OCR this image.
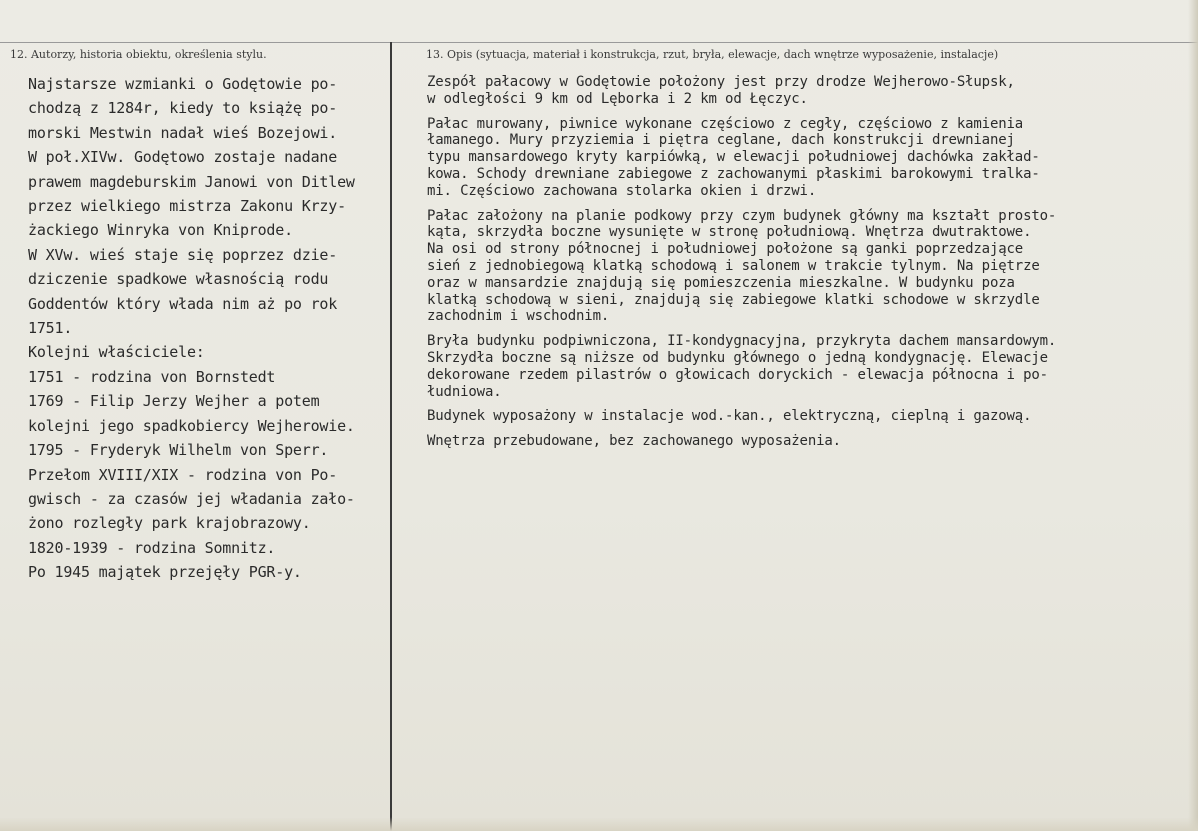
12. Autorzy, historia obiektu, określenia stylu.	13. Opis (sytuacja, materiał i konstrukcja, rzut, bryła, elewacje, dach wnętrze wyposażenie, instalacje)
Najstarsze wzmianki o Godętowie po-
chodzą z 1284r, kiedy to książę po-
morski Mestwin nadał wieś Bozejowi.
W poł.XIVw. Godętowo zostaje nadane
prawem magdeburskim Janowi von Ditlew
przez wielkiego mistrza Zakonu Krzy-
żackiego Winryka von Kniprode.
W XVw. wieś staje się poprzez dzie-
dziczenie spadkowe własnością rodu
Goddentów który włada nim aż po rok
1751.
Kolejni właściciele:
1751 - rodzina von Bornstedt
1769 - Filip Jerzy Wejher a potem
kolejni jego spadkobiercy Wejherowie.
1795 - Fryderyk Wilhelm von Sperr.
Przełom XVIII/XIX - rodzina von Po-
gwisch - za czasów jej władania zało-
żono rozległy park krajobrazowy.
1820-1939 - rodzina Somnitz.
Po 1945 majątek przejęły PGR-y.
Zespół pałacowy w Godętowie położony jest przy drodze Wejherowo-Słupsk,
w odległości 9 km od Lęborka i 2 km od Łęczyc.
Pałac murowany, piwnice wykonane częściowo z cegły, częściowo z kamienia
łamanego. Mury przyziemia i piętra ceglane, dach konstrukcji drewnianej
typu mansardowego kryty karpiówką, w elewacji południowej dachówka zakład-
kowa. Schody drewniane zabiegowe z zachowanymi płaskimi barokowymi tralka-
mi. Częściowo zachowana stolarka okien i drzwi.
Pałac założony na planie podkowy przy czym budynek główny ma kształt prosto-
kąta, skrzydła boczne wysunięte w stronę południową. Wnętrza dwutraktowe.
Na osi od strony północnej i południowej położone są ganki poprzedzające
sień z jednobiegową klatką schodową i salonem w trakcie tylnym. Na piętrze
oraz w mansardzie znajdują się pomieszczenia mieszkalne. W budynku poza
klatką schodową w sieni, znajdują się zabiegowe klatki schodowe w skrzydle
zachodnim i wschodnim.
Bryła budynku podpiwniczona, II-kondygnacyjna, przykryta dachem mansardowym.
Skrzydła boczne są niższe od budynku głównego o jedną kondygnację. Elewacje
dekorowane rzedem pilastrów o głowicach doryckich - elewacja północna i po-
łudniowa.
Budynek wyposażony w instalacje wod.-kan., elektryczną, cieplną i gazową.
Wnętrza przebudowane, bez zachowanego wyposażenia.
